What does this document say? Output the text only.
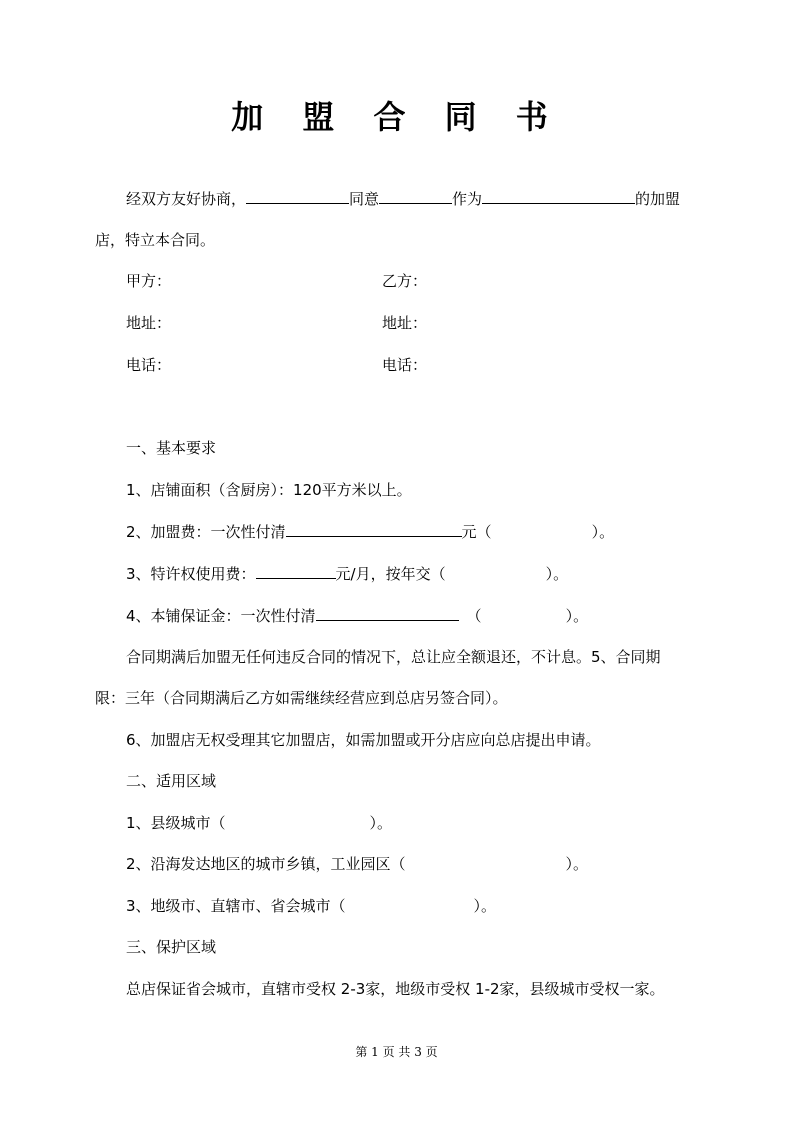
加 盟 合 同 书
经双方友好协商，	同意	作为	的加盟
店，特立本合同。
甲方：	乙方：
地址：	地址：
电话：	电话：
一、基本要求
1、店铺面积（含厨房）：120平方米以上。
2、加盟费：一次性付清	元（	）。
3、特许权使用费：	元/月，按年交（	）。
4、本铺保证金：一次性付清	（	）。
合同期满后加盟无任何违反合同的情况下，总让应全额退还，不计息。5、合同期
限：三年（合同期满后乙方如需继续经营应到总店另签合同）。
6、加盟店无权受理其它加盟店，如需加盟或开分店应向总店提出申请。
二、适用区域
1、县级城市（	）。
2、沿海发达地区的城市乡镇，工业园区（	）。
3、地级市、直辖市、省会城市（	）。
三、保护区域
总店保证省会城市，直辖市受权 2-3家，地级市受权 1-2家，县级城市受权一家。
第 1 页 共 3 页
